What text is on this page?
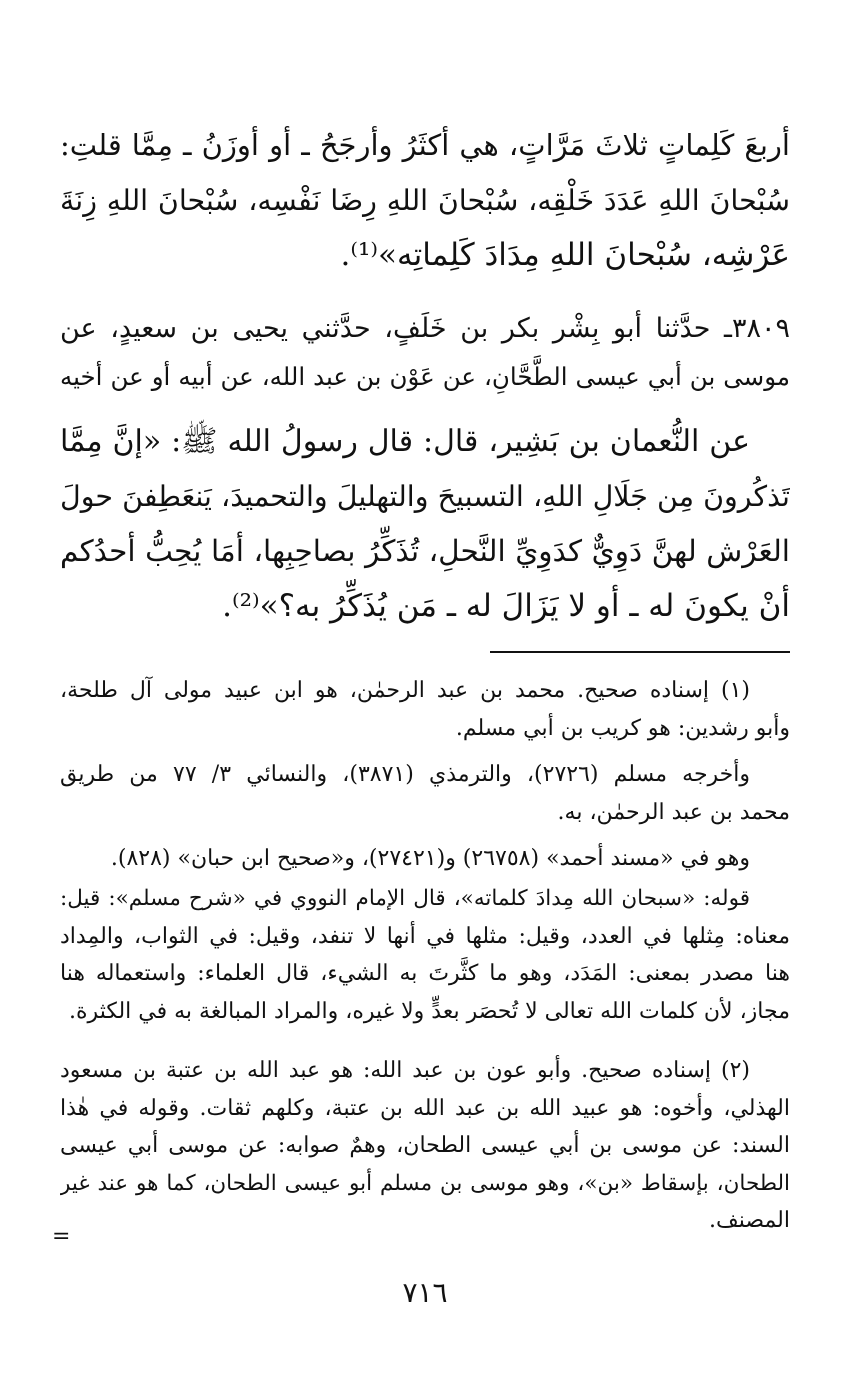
أربعَ كَلِماتٍ ثلاثَ مَرَّاتٍ، هي أكثَرُ وأرجَحُ ـ أو أوزَنُ ـ مِمَّا قلتِ:
سُبْحانَ اللهِ عَدَدَ خَلْقِه، سُبْحانَ اللهِ رِضَا نَفْسِه، سُبْحانَ اللهِ زِنَةَ
عَرْشِه، سُبْحانَ اللهِ مِدَادَ كَلِماتِه»⁽¹⁾.
٣٨٠٩ـ حدَّثنا أبو بِشْر بكر بن خَلَفٍ، حدَّثني يحيى بن سعيدٍ، عن
موسى بن أبي عيسى الطَّحَّانِ، عن عَوْن بن عبد الله، عن أبيه أو عن أخيه
عن النُّعمان بن بَشِير، قال: قال رسولُ الله ﷺ: «إنَّ مِمَّا
تَذكُرونَ مِن جَلَالِ اللهِ، التسبيحَ والتهليلَ والتحميدَ، يَنعَطِفنَ حولَ
العَرْش لهنَّ دَوِيٌّ كدَوِيِّ النَّحلِ، تُذَكِّرُ بصاحِبِها، أمَا يُحِبُّ أحدُكم
أنْ يكونَ له ـ أو لا يَزَالَ له ـ مَن يُذَكِّرُ به؟»⁽²⁾.
(١) إسناده صحيح. محمد بن عبد الرحمٰن، هو ابن عبيد مولى آل طلحة،
وأبو رشدين: هو كريب بن أبي مسلم.
وأخرجه مسلم (٢٧٢٦)، والترمذي (٣٨٧١)، والنسائي ٣/ ٧٧ من طريق
محمد بن عبد الرحمٰن، به.
وهو في «مسند أحمد» (٢٦٧٥٨) و(٢٧٤٢١)، و«صحيح ابن حبان» (٨٢٨).
قوله: «سبحان الله مِدادَ كلماته»، قال الإمام النووي في «شرح مسلم»: قيل:
معناه: مِثلها في العدد، وقيل: مثلها في أنها لا تنفد، وقيل: في الثواب، والمِداد
هنا مصدر بمعنى: المَدَد، وهو ما كثَّرتَ به الشيء، قال العلماء: واستعماله هنا
مجاز، لأن كلمات الله تعالى لا تُحصَر بعدٍّ ولا غيره، والمراد المبالغة به في الكثرة.
(٢) إسناده صحيح. وأبو عون بن عبد الله: هو عبد الله بن عتبة بن مسعود
الهذلي، وأخوه: هو عبيد الله بن عبد الله بن عتبة، وكلهم ثقات. وقوله في هٰذا
السند: عن موسى بن أبي عيسى الطحان، وهمٌ صوابه: عن موسى أبي عيسى
الطحان، بإسقاط «بن»، وهو موسى بن مسلم أبو عيسى الطحان، كما هو عند غير
المصنف.
=
٧١٦
